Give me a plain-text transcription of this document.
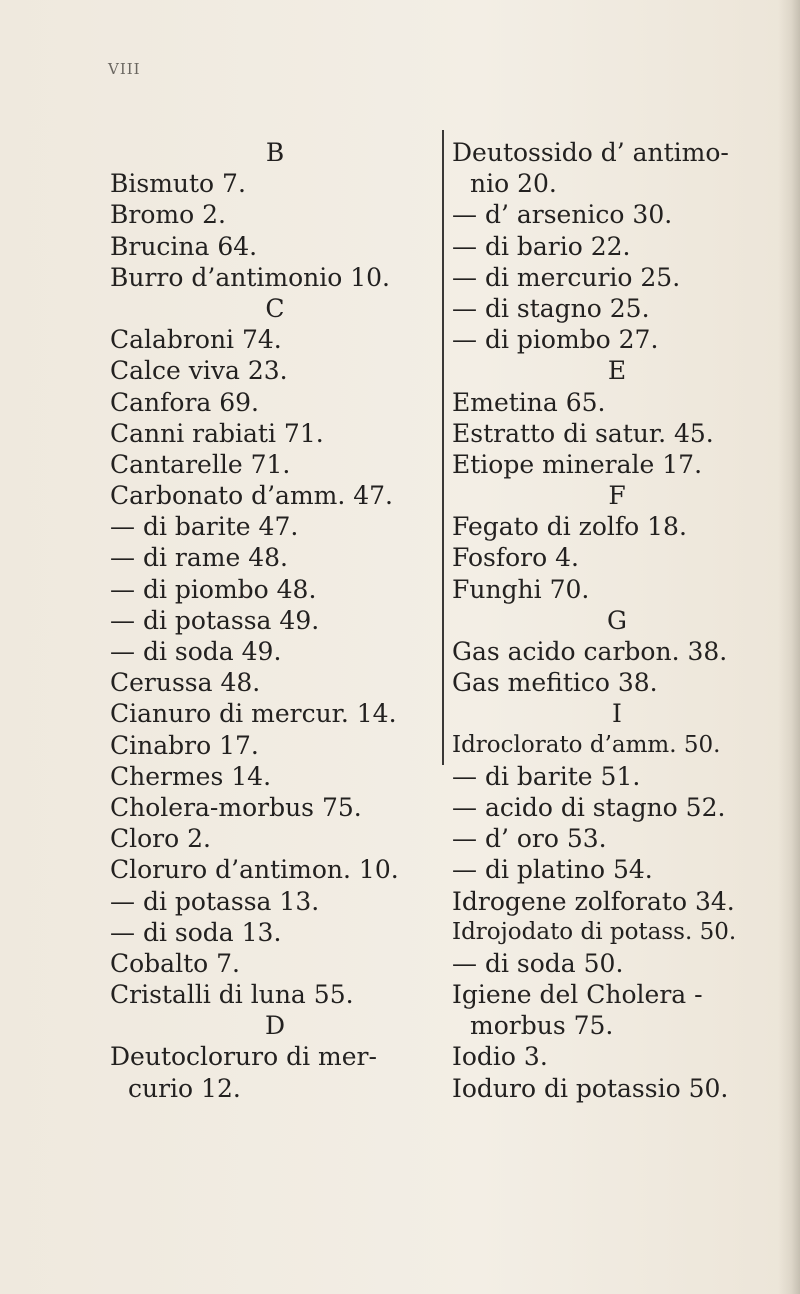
VIII
B
Bismuto 7.
Bromo 2.
Brucina 64.
Burro d’antimonio 10.
C
Calabroni 74.
Calce viva 23.
Canfora 69.
Canni rabiati 71.
Cantarelle 71.
Carbonato d’amm. 47.
— di barite 47.
— di rame 48.
— di piombo 48.
— di potassa 49.
— di soda 49.
Cerussa 48.
Cianuro di mercur. 14.
Cinabro 17.
Chermes 14.
Cholera-morbus 75.
Cloro 2.
Cloruro d’antimon. 10.
— di potassa 13.
— di soda 13.
Cobalto 7.
Cristalli di luna 55.
D
Deutocloruro di mer-
curio 12.
Deutossido d’ antimo-
nio 20.
— d’ arsenico 30.
— di bario 22.
— di mercurio 25.
— di stagno 25.
— di piombo 27.
E
Emetina 65.
Estratto di satur. 45.
Etiope minerale 17.
F
Fegato di zolfo 18.
Fosforo 4.
Funghi 70.
G
Gas acido carbon. 38.
Gas mefitico 38.
I
Idroclorato d’amm. 50.
— di barite 51.
— acido di stagno 52.
— d’ oro 53.
— di platino 54.
Idrogene zolforato 34.
Idrojodato di potass. 50.
— di soda 50.
Igiene del Cholera -
morbus 75.
Iodio 3.
Ioduro di potassio 50.
